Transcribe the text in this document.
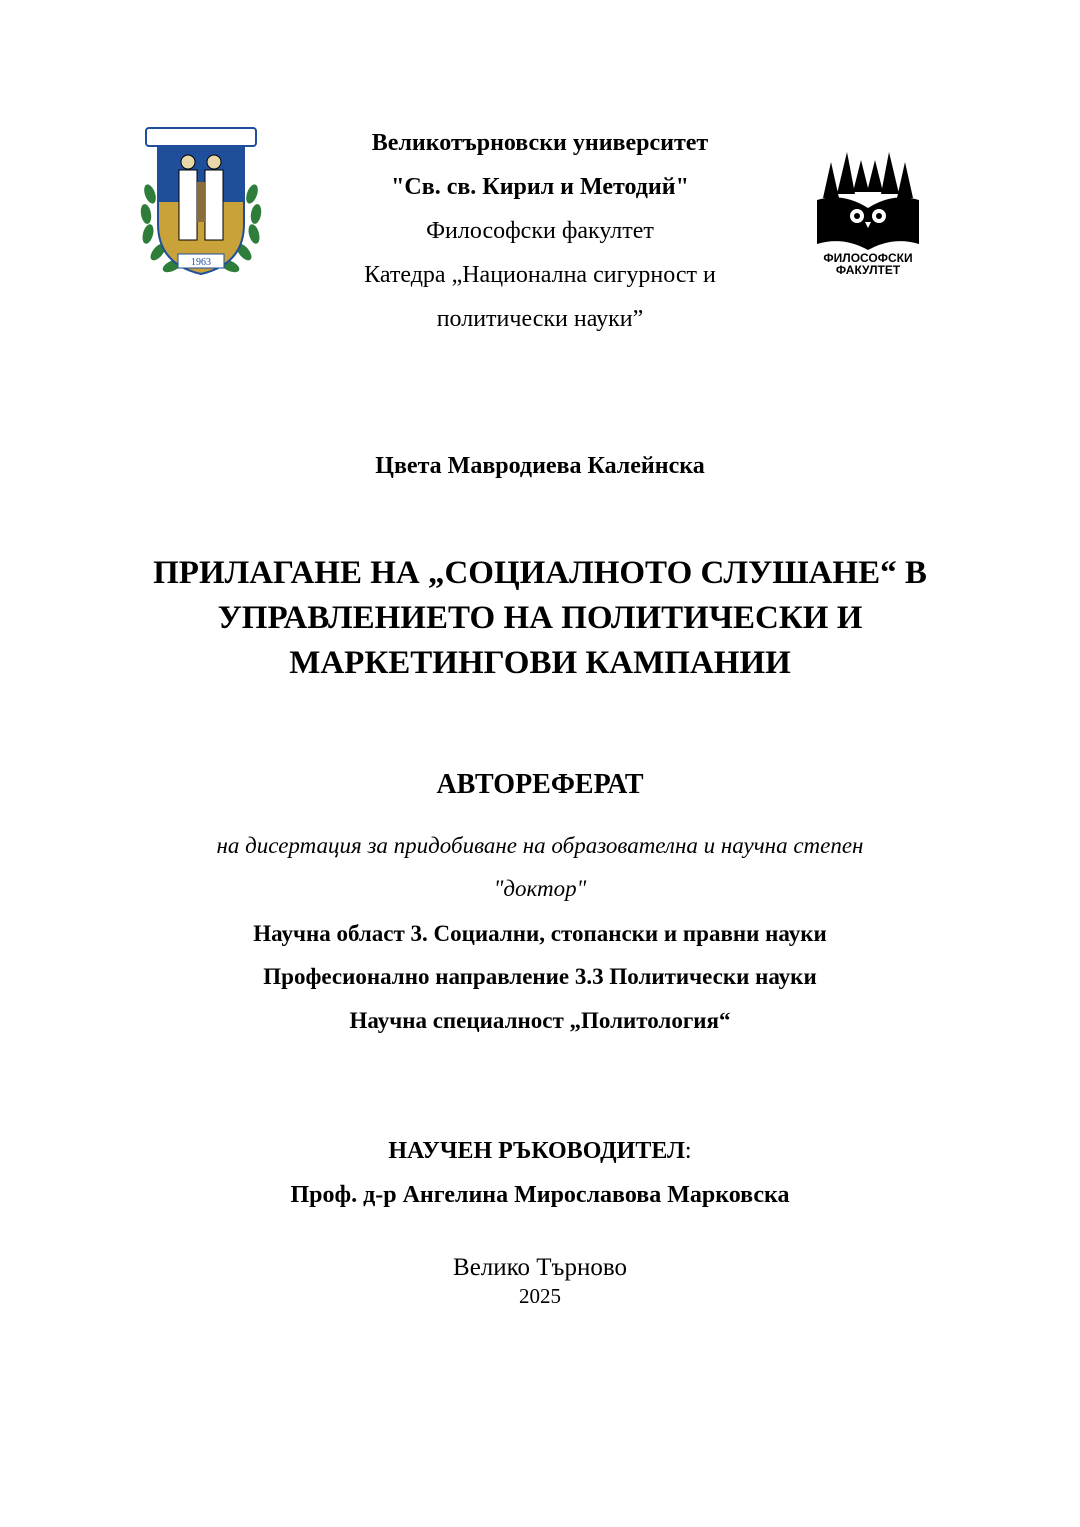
1963	ФИЛОСОФСКИ
ФАКУЛТЕТ
Великотърновски университет
"Св. св. Кирил и Методий"
Философски факултет
Катедра „Национална сигурност и
политически науки”
Цвета Мавродиева Калейнска
ПРИЛАГАНЕ НА „СОЦИАЛНОТО СЛУШАНЕ“ В
УПРАВЛЕНИЕТО НА ПОЛИТИЧЕСКИ И
МАРКЕТИНГОВИ КАМПАНИИ
АВТОРЕФЕРАТ
на дисертация за придобиване на образователна и научна степен
"доктор"
Научна област 3. Социални, стопански и правни науки
Професионално направление 3.3 Политически науки
Научна специалност „Политология“
НАУЧЕН РЪКОВОДИТЕЛ:
Проф. д-р Ангелина Мирославова Марковска
Велико Търново
2025
